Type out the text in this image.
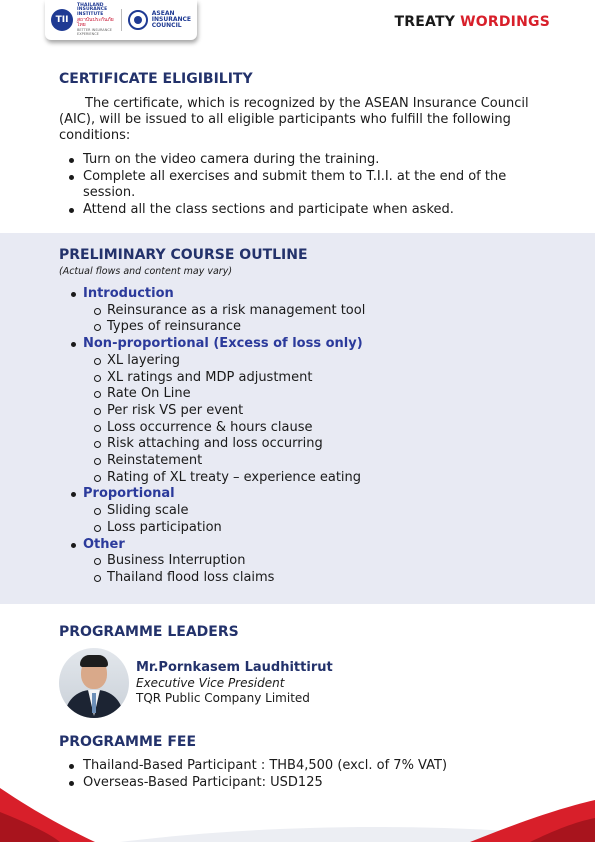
TII
THAILAND INSURANCE
INSTITUTE
สถาบันประกันภัยไทย
BETTER INSURANCE EXPERIENCE
ASEAN
INSURANCE
COUNCIL	TREATY WORDINGS
CERTIFICATE ELIGIBILITY

The certificate, which is recognized by the ASEAN Insurance Council (AIC), will be issued to all eligible participants who fulfill the following conditions:

Turn on the video camera during the training.
Complete all exercises and submit them to T.I.I. at the end of the session.
Attend all the class sections and participate when asked.
PRELIMINARY COURSE OUTLINE

(Actual flows and content may vary)

Introduction
Reinsurance as a risk management tool
Types of reinsurance
Non-proportional (Excess of loss only)
XL layering
XL ratings and MDP adjustment
Rate On Line
Per risk VS per event
Loss occurrence & hours clause
Risk attaching and loss occurring
Reinstatement
Rating of XL treaty – experience eating
Proportional
Sliding scale
Loss participation
Other
Business Interruption
Thailand flood loss claims
PROGRAMME LEADERS
Mr.Pornkasem Laudhittirut
Executive Vice President
TQR Public Company Limited
PROGRAMME FEE
Thailand-Based Participant : THB4,500 (excl. of 7% VAT)
Overseas-Based Participant: USD125
